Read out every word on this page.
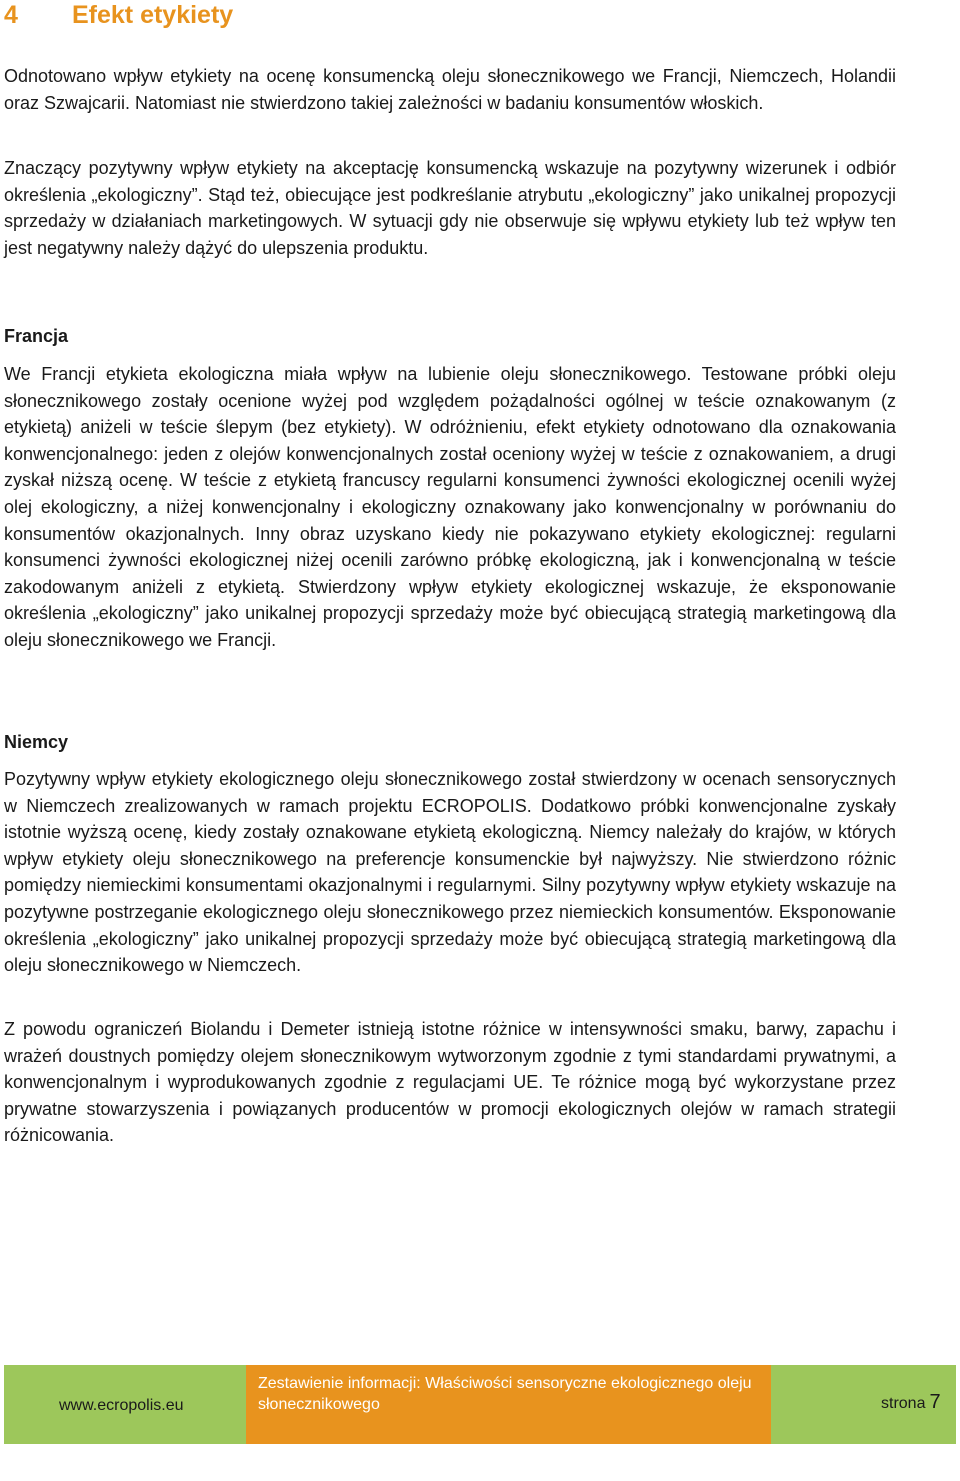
4 Efekt etykiety

Odnotowano wpływ etykiety na ocenę konsumencką oleju słonecznikowego we Francji, Niemczech, Holandii oraz Szwajcarii. Natomiast nie stwierdzono takiej zależności w badaniu konsumentów włoskich.

Znaczący pozytywny wpływ etykiety na akceptację konsumencką wskazuje na pozytywny wizerunek i odbiór określenia „ekologiczny”. Stąd też, obiecujące jest podkreślanie atrybutu „ekologiczny” jako unikalnej propozycji sprzedaży w działaniach marketingowych. W sytuacji gdy nie obserwuje się wpływu etykiety lub też wpływ ten jest negatywny należy dążyć do ulepszenia produktu.

Francja

We Francji etykieta ekologiczna miała wpływ na lubienie oleju słonecznikowego. Testowane próbki oleju słonecznikowego zostały ocenione wyżej pod względem pożądalności ogólnej w teście oznakowanym (z etykietą) aniżeli w teście ślepym (bez etykiety). W odróżnieniu, efekt etykiety odnotowano dla oznakowania konwencjonalnego: jeden z olejów konwencjonalnych został oceniony wyżej w teście z oznakowaniem, a drugi zyskał niższą ocenę. W teście z etykietą francuscy regularni konsumenci żywności ekologicznej ocenili wyżej olej ekologiczny, a niżej konwencjonalny i ekologiczny oznakowany jako konwencjonalny w porównaniu do konsumentów okazjonalnych. Inny obraz uzyskano kiedy nie pokazywano etykiety ekologicznej: regularni konsumenci żywności ekologicznej niżej ocenili zarówno próbkę ekologiczną, jak i konwencjonalną w teście zakodowanym aniżeli z etykietą. Stwierdzony wpływ etykiety ekologicznej wskazuje, że eksponowanie określenia „ekologiczny” jako unikalnej propozycji sprzedaży może być obiecującą strategią marketingową dla oleju słonecznikowego we Francji.

Niemcy

Pozytywny wpływ etykiety ekologicznego oleju słonecznikowego został stwierdzony w ocenach sensorycznych w Niemczech zrealizowanych w ramach projektu ECROPOLIS. Dodatkowo próbki konwencjonalne zyskały istotnie wyższą ocenę, kiedy zostały oznakowane etykietą ekologiczną. Niemcy należały do krajów, w których wpływ etykiety oleju słonecznikowego na preferencje konsumenckie był najwyższy. Nie stwierdzono różnic pomiędzy niemieckimi konsumentami okazjonalnymi i regularnymi. Silny pozytywny wpływ etykiety wskazuje na pozytywne postrzeganie ekologicznego oleju słonecznikowego przez niemieckich konsumentów. Eksponowanie określenia „ekologiczny” jako unikalnej propozycji sprzedaży może być obiecującą strategią marketingową dla oleju słonecznikowego w Niemczech.

Z powodu ograniczeń Biolandu i Demeter istnieją istotne różnice w intensywności smaku, barwy, zapachu i wrażeń doustnych pomiędzy olejem słonecznikowym wytworzonym zgodnie z tymi standardami prywatnymi, a konwencjonalnym i wyprodukowanych zgodnie z regulacjami UE. Te różnice mogą być wykorzystane przez prywatne stowarzyszenia i powiązanych producentów w promocji ekologicznych olejów w ramach strategii różnicowania.

www.ecropolis.eu
Zestawienie informacji: Właściwości sensoryczne ekologicznego oleju słonecznikowego	strona 7
